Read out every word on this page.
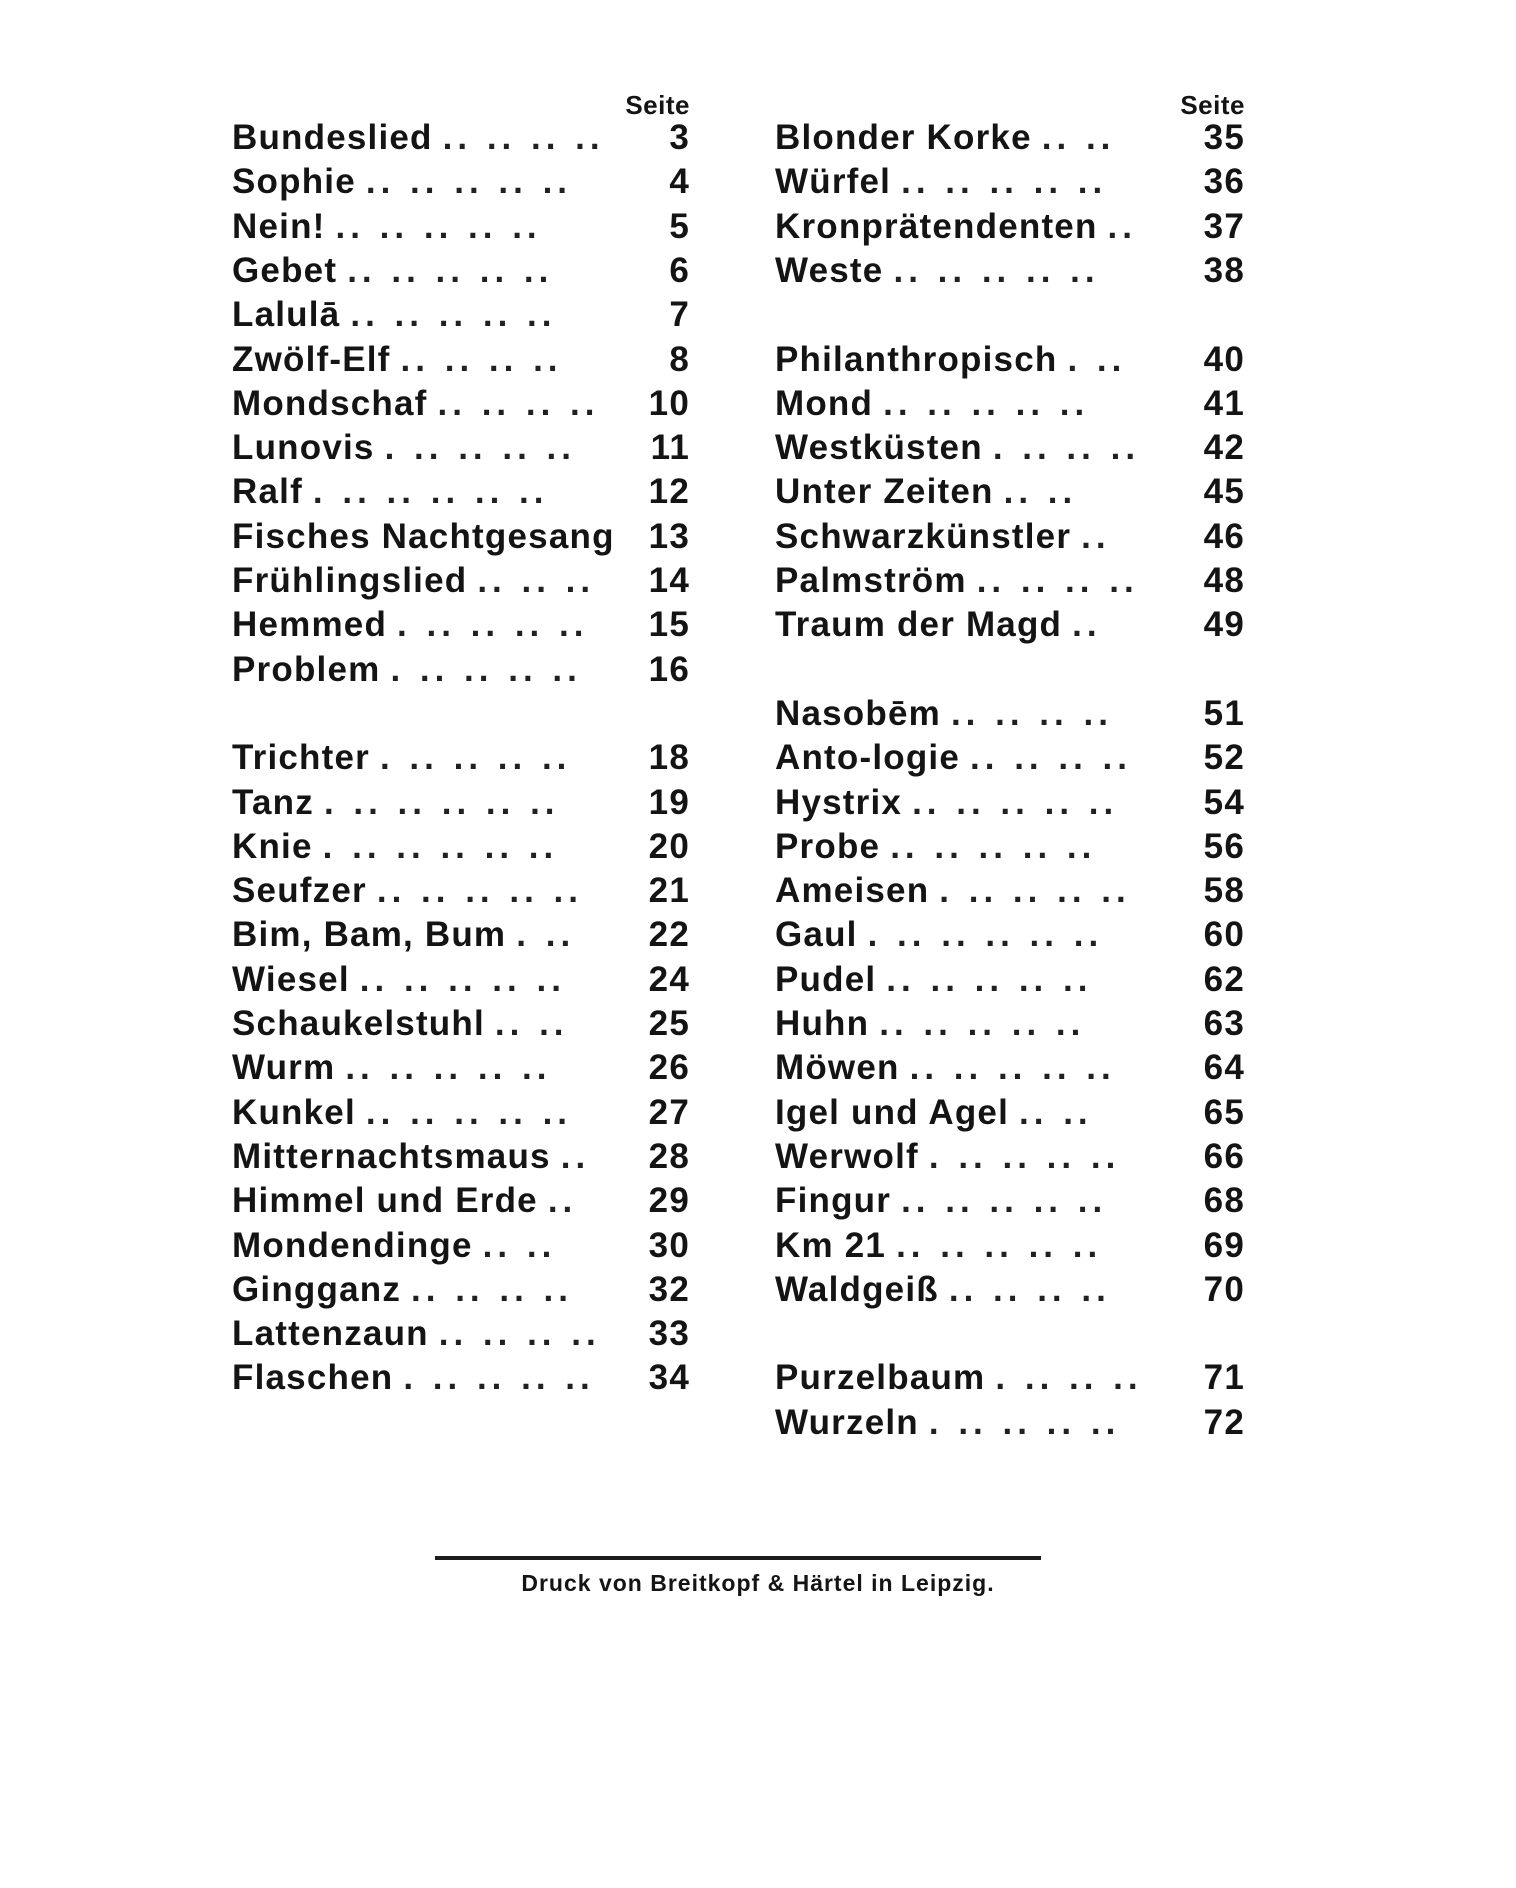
Seite
Bundeslied .. .. .. ..	3
Sophie .. .. .. .. ..	4
Nein! .. .. .. .. ..	5
Gebet .. .. .. .. ..	6
Lalulā .. .. .. .. ..	7
Zwölf-Elf .. .. .. ..	8
Mondschaf .. .. .. ..	10
Lunovis . .. .. .. ..	11
Ralf . .. .. .. .. ..	12
Fisches Nachtgesang 13
Frühlingslied .. .. ..	14
Hemmed . .. .. .. ..	15
Problem . .. .. .. ..	16
Trichter . .. .. .. ..	18
Tanz . .. .. .. .. ..	19
Knie . .. .. .. .. ..	20
Seufzer .. .. .. .. ..	21
Bim, Bam, Bum . ..	22
Wiesel .. .. .. .. ..	24
Schaukelstuhl .. ..	25
Wurm .. .. .. .. ..	26
Kunkel .. .. .. .. ..	27
Mitternachtsmaus ..	28
Himmel und Erde ..	29
Mondendinge .. ..	30
Gingganz .. .. .. ..	32
Lattenzaun .. .. .. ..	33
Flaschen . .. .. .. ..	34
Seite
Blonder Korke .. ..	35
Würfel .. .. .. .. ..	36
Kronprätendenten ..	37
Weste .. .. .. .. ..	38
Philanthropisch . ..	40
Mond .. .. .. .. ..	41
Westküsten . .. .. ..	42
Unter Zeiten .. ..	45
Schwarzkünstler ..	46
Palmström .. .. .. ..	48
Traum der Magd ..	49
Nasobēm .. .. .. ..	51
Anto-logie .. .. .. ..	52
Hystrix .. .. .. .. ..	54
Probe .. .. .. .. ..	56
Ameisen . .. .. .. ..	58
Gaul . .. .. .. .. ..	60
Pudel .. .. .. .. ..	62
Huhn .. .. .. .. ..	63
Möwen .. .. .. .. ..	64
Igel und Agel .. ..	65
Werwolf . .. .. .. ..	66
Fingur .. .. .. .. ..	68
Km 21 .. .. .. .. ..	69
Waldgeiß .. .. .. ..	70
Purzelbaum . .. .. ..	71
Wurzeln . .. .. .. ..	72
Druck von Breitkopf & Härtel in Leipzig.
